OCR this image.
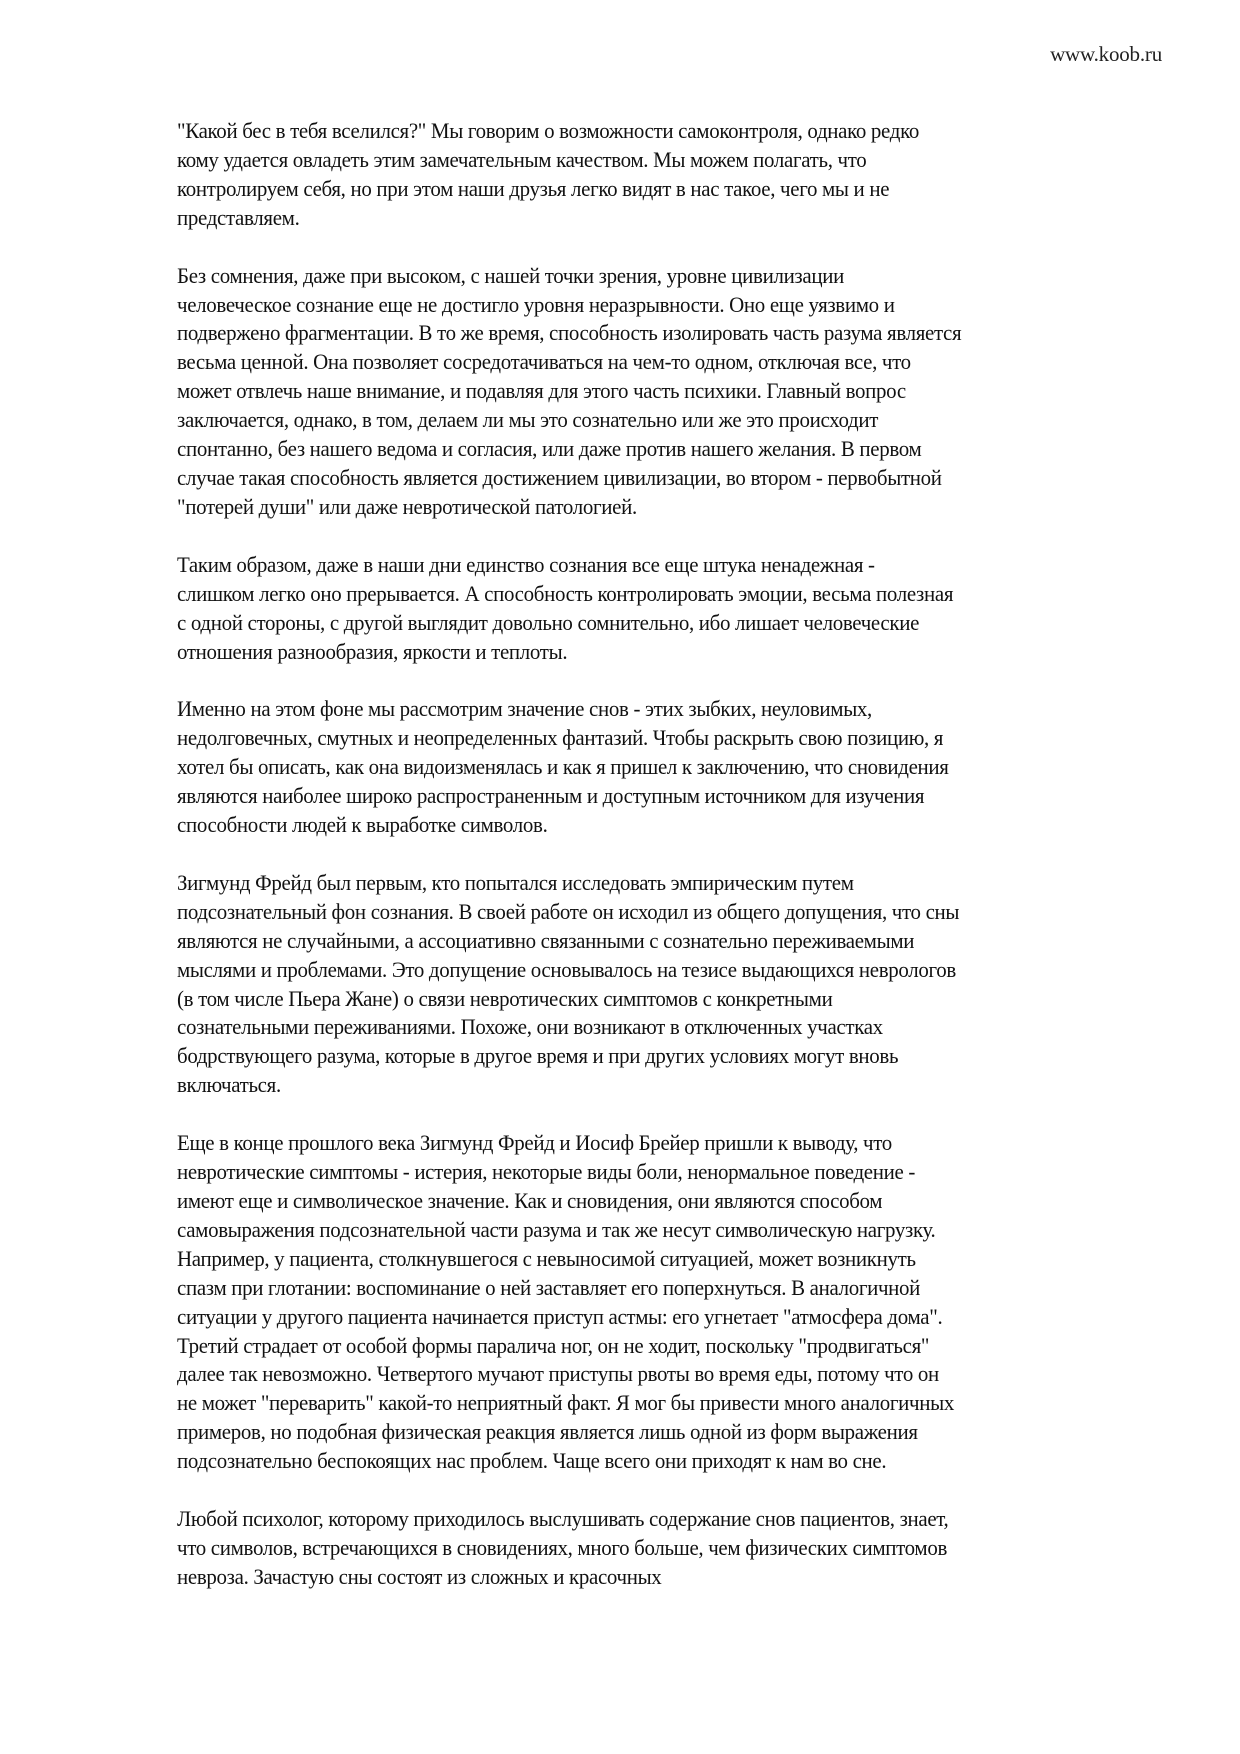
www.koob.ru

"Какой бес в тебя вселился?" Мы говорим о возможности самоконтроля, однако редко
кому удается овладеть этим замечательным качеством. Мы можем полагать, что
контролируем себя, но при этом наши друзья легко видят в нас такое, чего мы и не
представляем.

Без сомнения, даже при высоком, с нашей точки зрения, уровне цивилизации
человеческое сознание еще не достигло уровня неразрывности. Оно еще уязвимо и
подвержено фрагментации. В то же время, способность изолировать часть разума является
весьма ценной. Она позволяет сосредотачиваться на чем-то одном, отключая все, что
может отвлечь наше внимание, и подавляя для этого часть психики. Главный вопрос
заключается, однако, в том, делаем ли мы это сознательно или же это происходит
спонтанно, без нашего ведома и согласия, или даже против нашего желания. В первом
случае такая способность является достижением цивилизации, во втором - первобытной
"потерей души" или даже невротической патологией.

Таким образом, даже в наши дни единство сознания все еще штука ненадежная -
слишком легко оно прерывается. А способность контролировать эмоции, весьма полезная
с одной стороны, с другой выглядит довольно сомнительно, ибо лишает человеческие
отношения разнообразия, яркости и теплоты.

Именно на этом фоне мы рассмотрим значение снов - этих зыбких, неуловимых,
недолговечных, смутных и неопределенных фантазий. Чтобы раскрыть свою позицию, я
хотел бы описать, как она видоизменялась и как я пришел к заключению, что сновидения
являются наиболее широко распространенным и доступным источником для изучения
способности людей к выработке символов.

Зигмунд Фрейд был первым, кто попытался исследовать эмпирическим путем
подсознательный фон сознания. В своей работе он исходил из общего допущения, что сны
являются не случайными, а ассоциативно связанными с сознательно переживаемыми
мыслями и проблемами. Это допущение основывалось на тезисе выдающихся неврологов
(в том числе Пьера Жане) о связи невротических симптомов с конкретными
сознательными переживаниями. Похоже, они возникают в отключенных участках
бодрствующего разума, которые в другое время и при других условиях могут вновь
включаться.

Еще в конце прошлого века Зигмунд Фрейд и Иосиф Брейер пришли к выводу, что
невротические симптомы - истерия, некоторые виды боли, ненормальное поведение -
имеют еще и символическое значение. Как и сновидения, они являются способом
самовыражения подсознательной части разума и так же несут символическую нагрузку.
Например, у пациента, столкнувшегося с невыносимой ситуацией, может возникнуть
спазм при глотании: воспоминание о ней заставляет его поперхнуться. В аналогичной
ситуации у другого пациента начинается приступ астмы: его угнетает "атмосфера дома".
Третий страдает от особой формы паралича ног, он не ходит, поскольку "продвигаться"
далее так невозможно. Четвертого мучают приступы рвоты во время еды, потому что он
не может "переварить" какой-то неприятный факт. Я мог бы привести много аналогичных
примеров, но подобная физическая реакция является лишь одной из форм выражения
подсознательно беспокоящих нас проблем. Чаще всего они приходят к нам во сне.

Любой психолог, которому приходилось выслушивать содержание снов пациентов, знает,
что символов, встречающихся в сновидениях, много больше, чем физических симптомов
невроза. Зачастую сны состоят из сложных и красочных
